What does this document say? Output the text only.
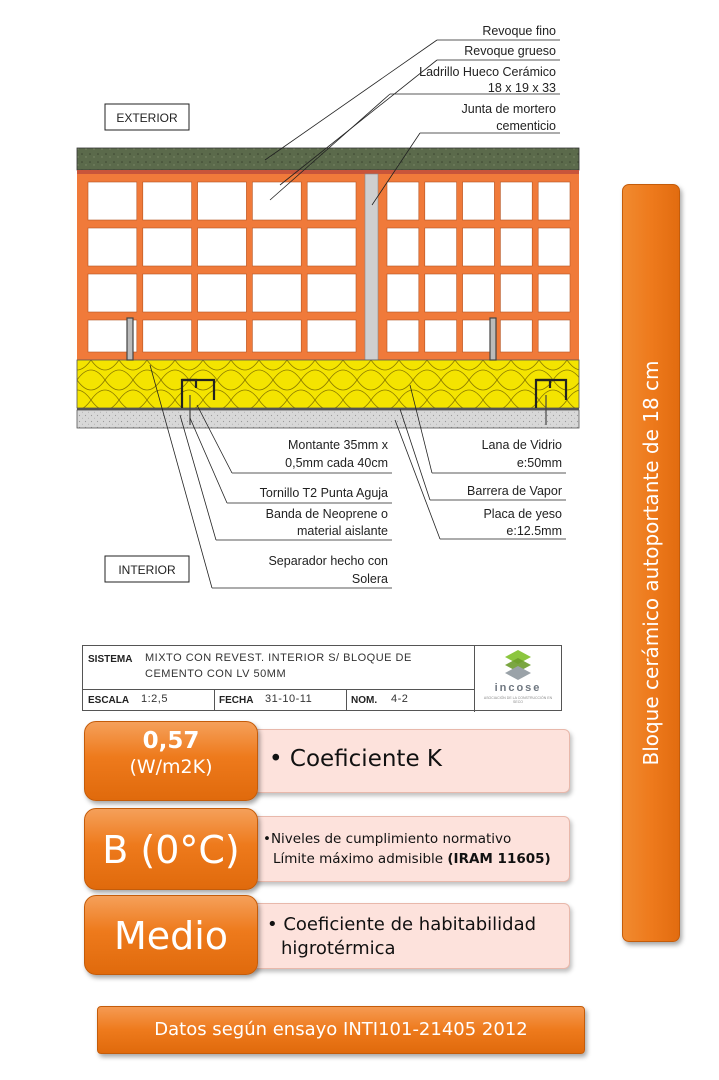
Revoque fino
Revoque grueso
Ladrillo Hueco Cerámico
18 x 19 x 33
Junta de mortero
cementicio
EXTERIOR
INTERIOR
Montante 35mm x
0,5mm cada 40cm
Tornillo T2 Punta Aguja
Banda de Neoprene o
material aislante
Separador hecho con
Solera
Lana de Vidrio
e:50mm
Barrera de Vapor
Placa de yeso
e:12.5mm
SISTEMA MIXTO CON REVEST. INTERIOR S/ BLOQUE DE
CEMENTO CON LV 50MM
ESCALA 1:2,5	FECHA 31-10-11	NOM. 4-2
incose
ASOCIACIÓN DE LA CONSTRUCCIÓN EN SECO
• Coeficiente K
0,57
(W/m2K)
•Niveles de cumplimiento normativo
Límite máximo admisible (IRAM 11605)
B (0°C)
• Coeficiente de habitabilidad
higrotérmica
Medio
Bloque cerámico autoportante de 18 cm
Datos según ensayo INTI101-21405 2012
